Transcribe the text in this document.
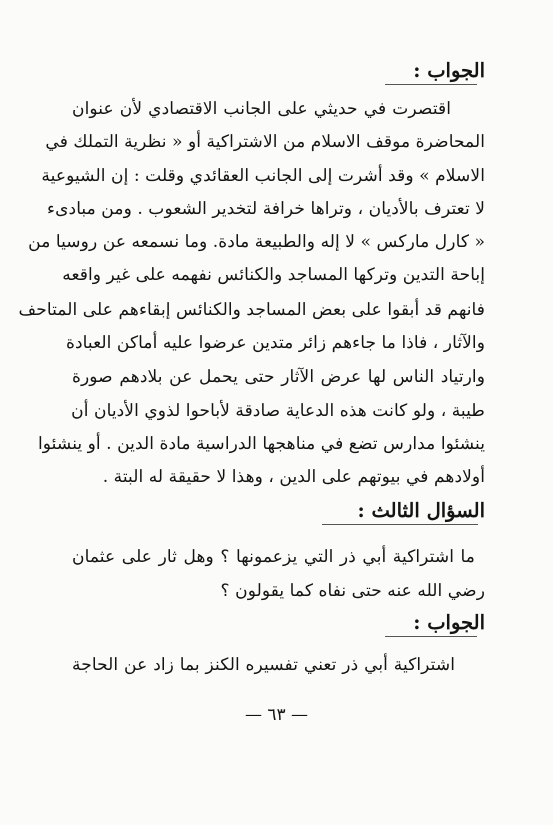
الجواب :
اقتصرت في حديثي على الجانب الاقتصادي لأن عنوان
المحاضرة موقف الاسلام من الاشتراكية أو « نظرية التملك في
الاسلام » وقد أشرت إلى الجانب العقائدي وقلت : إن الشيوعية
لا تعترف بالأديان ، وتراها خرافة لتخدير الشعوب . ومن مبادىء
« كارل ماركس » لا إله والطبيعة مادة. وما نسمعه عن روسيا من
إباحة التدين وتركها المساجد والكنائس نفهمه على غير واقعه
فانهم قد أبقوا على بعض المساجد والكنائس إبقاءهم على المتاحف
والآثار ، فاذا ما جاءهم زائر متدين عرضوا عليه أماكن العبادة
وارتياد الناس لها عرض الآثار حتى يحمل عن بلادهم صورة
طيبة ، ولو كانت هذه الدعاية صادقة لأباحوا لذوي الأديان أن
ينشئوا مدارس تضع في مناهجها الدراسية مادة الدين . أو ينشئوا
أولادهم في بيوتهم على الدين ، وهذا لا حقيقة له البتة .
السؤال الثالث :
ما اشتراكية أبي ذر التي يزعمونها ؟ وهل ثار على عثمان
رضي الله عنه حتى نفاه كما يقولون ؟
الجواب :
اشتراكية أبي ذر تعني تفسيره الكنز بما زاد عن الحاجة
— ٦٣ —
